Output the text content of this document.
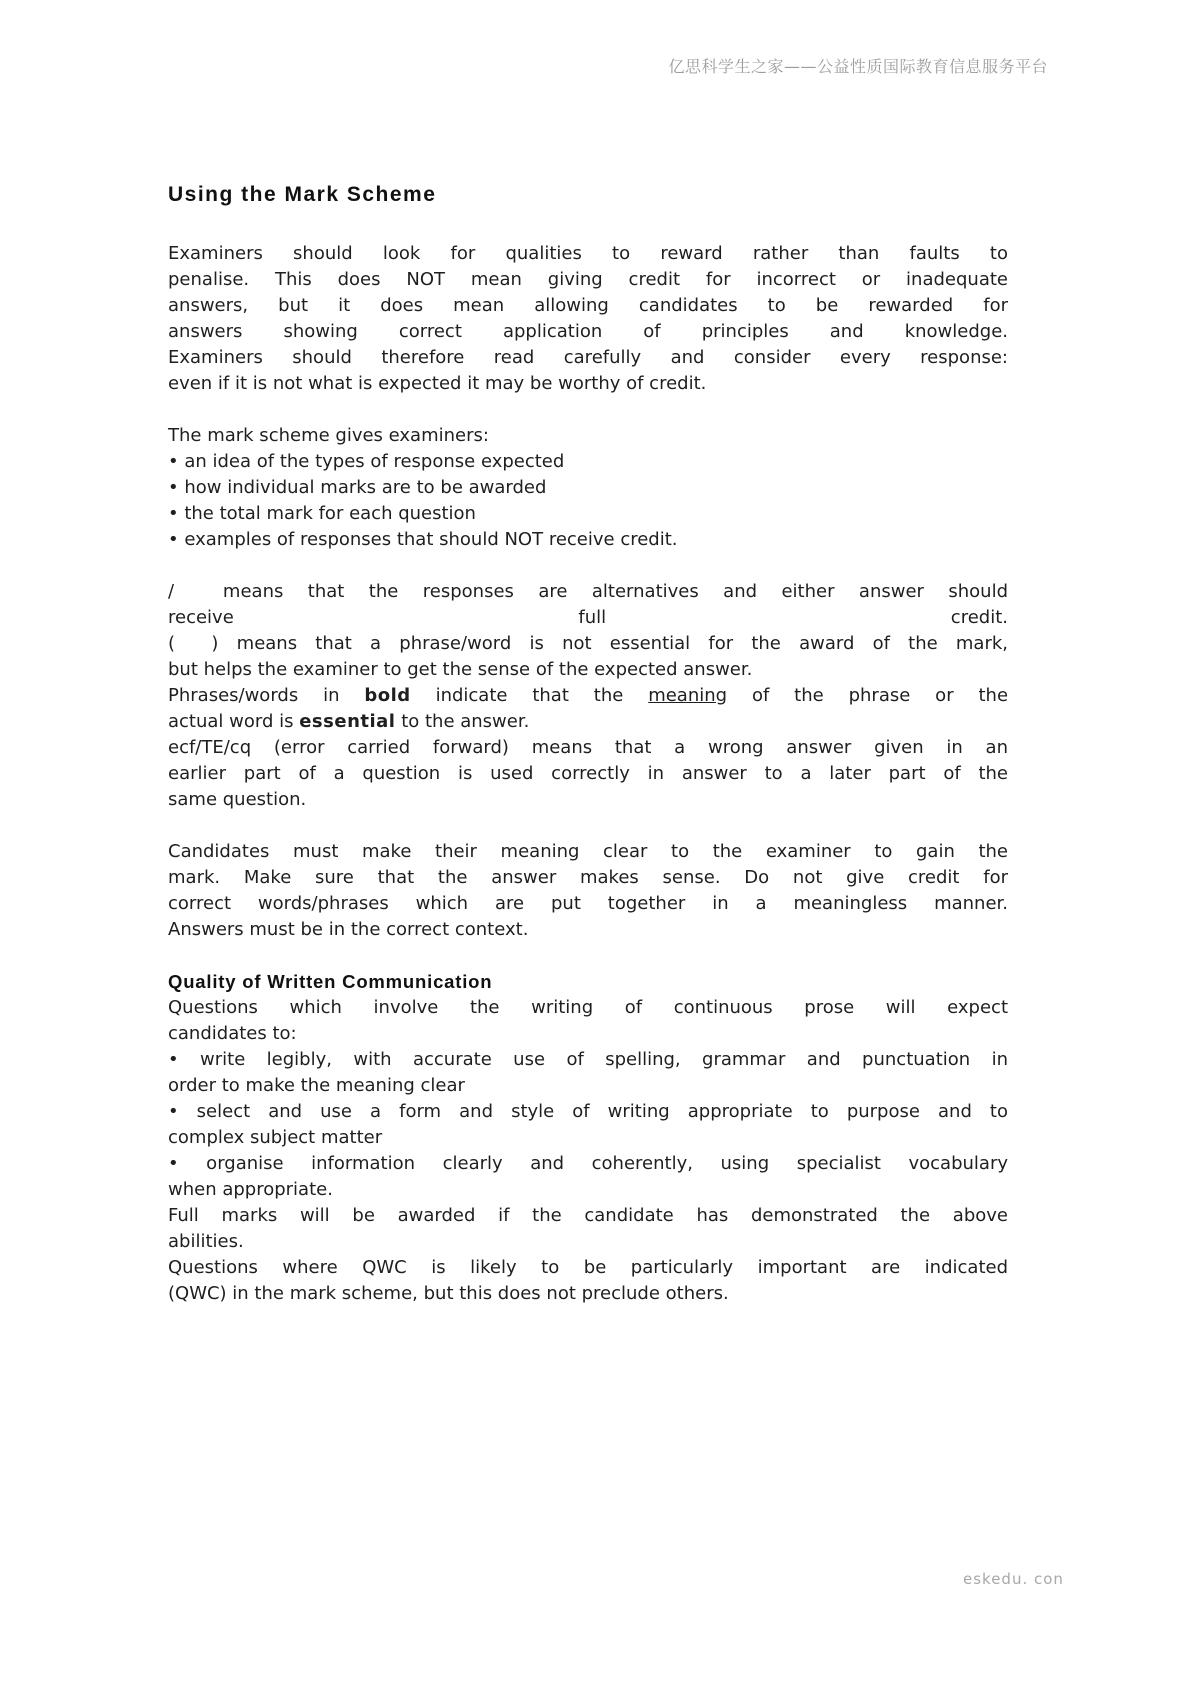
亿思科学生之家——公益性质国际教育信息服务平台
Using the Mark Scheme
Examiners should look for qualities to reward rather than faults to
penalise. This does NOT mean giving credit for incorrect or inadequate
answers, but it does mean allowing candidates to be rewarded for
answers showing correct application of principles and knowledge.
Examiners should therefore read carefully and consider every response:
even if it is not what is expected it may be worthy of credit.
The mark scheme gives examiners:
• an idea of the types of response expected
• how individual marks are to be awarded
• the total mark for each question
• examples of responses that should NOT receive credit.
/  means that the responses are alternatives and either answer should
receive full credit.
(  ) means that a phrase/word is not essential for the award of the mark,
but helps the examiner to get the sense of the expected answer.
Phrases/words in bold indicate that the meaning of the phrase or the
actual word is essential to the answer.
ecf/TE/cq (error carried forward) means that a wrong answer given in an
earlier part of a question is used correctly in answer to a later part of the
same question.
Candidates must make their meaning clear to the examiner to gain the
mark. Make sure that the answer makes sense. Do not give credit for
correct words/phrases which are put together in a meaningless manner.
Answers must be in the correct context.
Quality of Written Communication
Questions which involve the writing of continuous prose will expect
candidates to:
• write legibly, with accurate use of spelling, grammar and punctuation in
order to make the meaning clear
• select and use a form and style of writing appropriate to purpose and to
complex subject matter
• organise information clearly and coherently, using specialist vocabulary
when appropriate.
Full marks will be awarded if the candidate has demonstrated the above
abilities.
Questions where QWC is likely to be particularly important are indicated
(QWC) in the mark scheme, but this does not preclude others.
eskedu. con
